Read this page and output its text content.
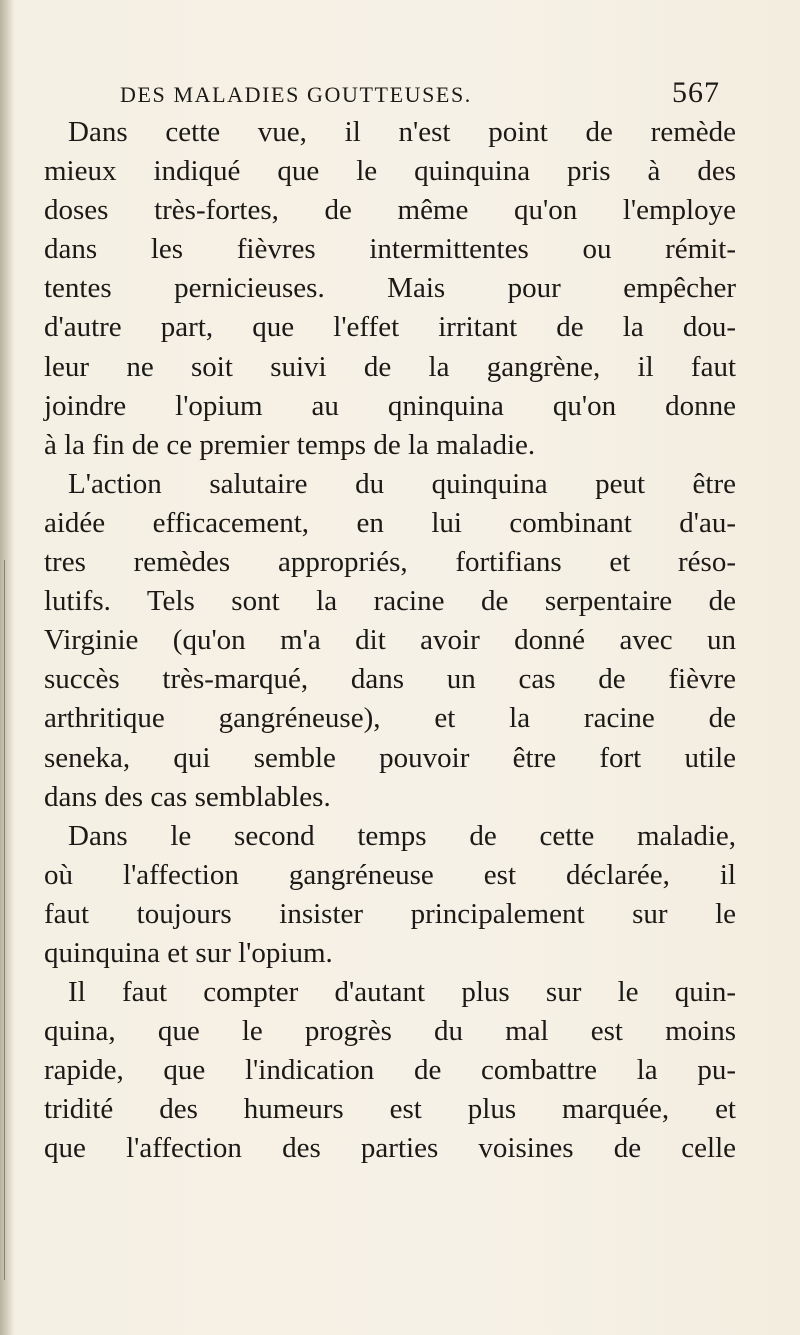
DES MALADIES GOUTTEUSES.	567
Dans cette vue, il n'est point de remède
mieux indiqué que le quinquina pris à des
doses très-fortes, de même qu'on l'employe
dans les fièvres intermittentes ou rémit-
tentes pernicieuses. Mais pour empêcher
d'autre part, que l'effet irritant de la dou-
leur ne soit suivi de la gangrène, il faut
joindre l'opium au qninquina qu'on donne
à la fin de ce premier temps de la maladie.
L'action salutaire du quinquina peut être
aidée efficacement, en lui combinant d'au-
tres remèdes appropriés, fortifians et réso-
lutifs. Tels sont la racine de serpentaire de
Virginie (qu'on m'a dit avoir donné avec un
succès très-marqué, dans un cas de fièvre
arthritique gangréneuse), et la racine de
seneka, qui semble pouvoir être fort utile
dans des cas semblables.
Dans le second temps de cette maladie,
où l'affection gangréneuse est déclarée, il
faut toujours insister principalement sur le
quinquina et sur l'opium.
Il faut compter d'autant plus sur le quin-
quina, que le progrès du mal est moins
rapide, que l'indication de combattre la pu-
tridité des humeurs est plus marquée, et
que l'affection des parties voisines de celle
